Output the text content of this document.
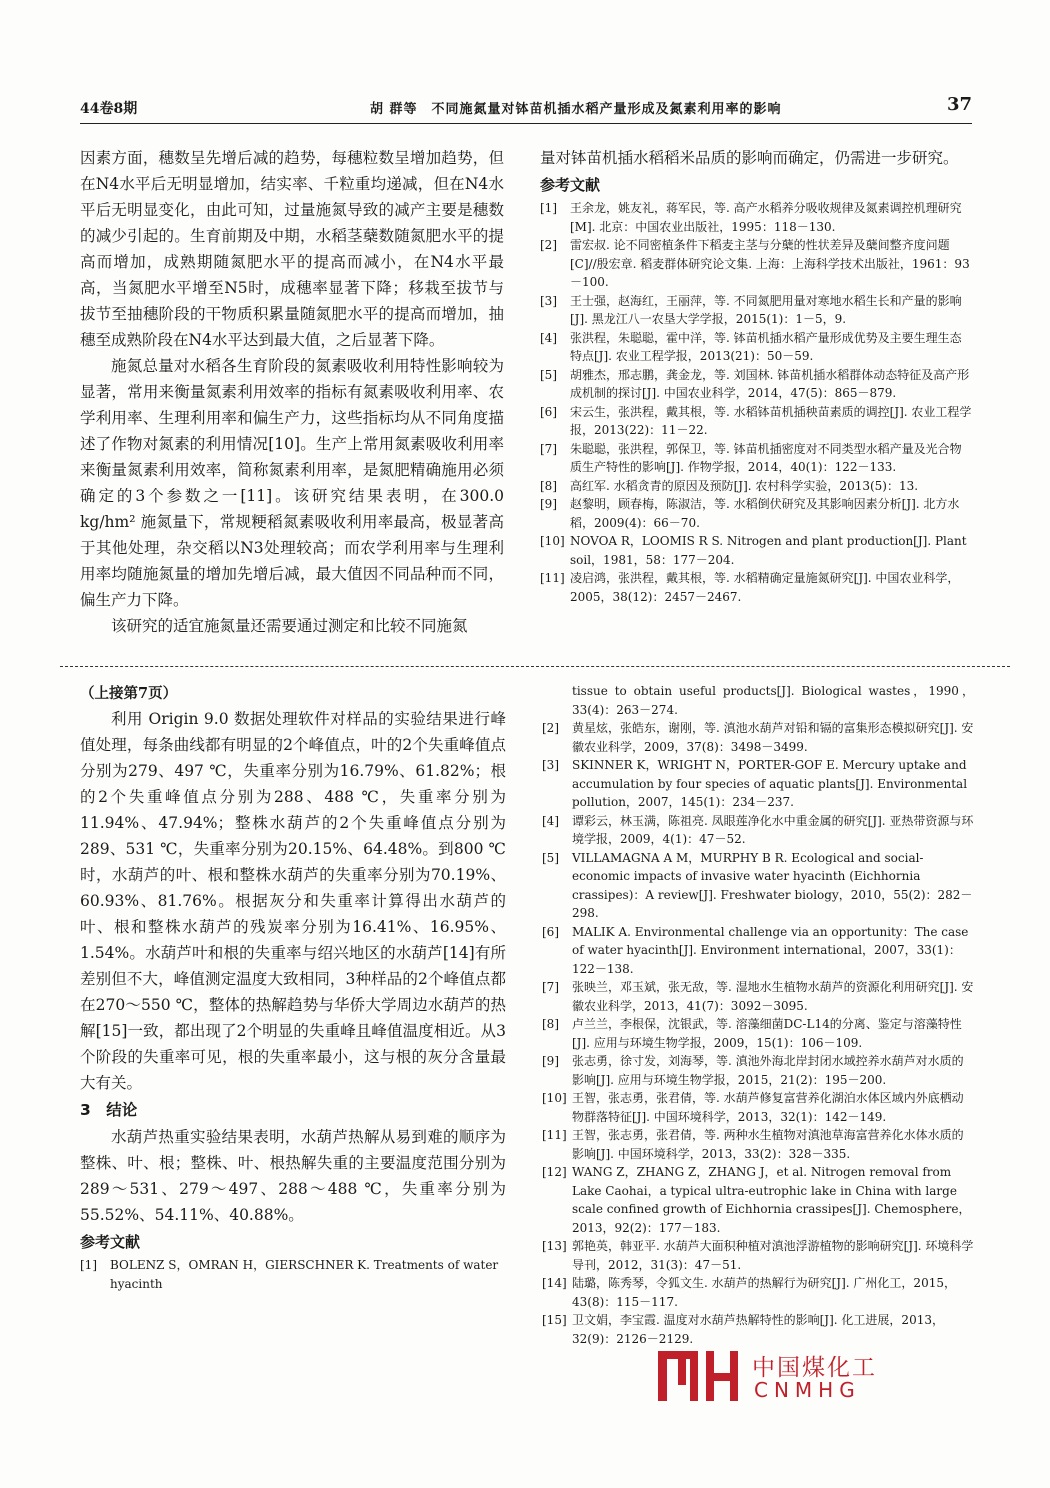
44卷8期	胡 群等　不同施氮量对钵苗机插水稻产量形成及氮素利用率的影响	37

因素方面，穗数呈先增后减的趋势，每穗粒数呈增加趋势，但在N4水平后无明显增加，结实率、千粒重均递减，但在N4水平后无明显变化，由此可知，过量施氮导致的减产主要是穗数的减少引起的。生育前期及中期，水稻茎蘖数随氮肥水平的提高而增加，成熟期随氮肥水平的提高而减小，在N4水平最高，当氮肥水平增至N5时，成穗率显著下降；移栽至拔节与拔节至抽穗阶段的干物质积累量随氮肥水平的提高而增加，抽穗至成熟阶段在N4水平达到最大值，之后显著下降。

施氮总量对水稻各生育阶段的氮素吸收利用特性影响较为显著，常用来衡量氮素利用效率的指标有氮素吸收利用率、农学利用率、生理利用率和偏生产力，这些指标均从不同角度描述了作物对氮素的利用情况[10]。生产上常用氮素吸收利用率来衡量氮素利用效率，简称氮素利用率，是氮肥精确施用必须确定的3个参数之一[11]。该研究结果表明，在300.0 kg/hm² 施氮量下，常规粳稻氮素吸收利用率最高，极显著高于其他处理，杂交稻以N3处理较高；而农学利用率与生理利用率均随施氮量的增加先增后减，最大值因不同品种而不同，偏生产力下降。

该研究的适宜施氮量还需要通过测定和比较不同施氮

量对钵苗机插水稻稻米品质的影响而确定，仍需进一步研究。

参考文献
[1] 王余龙，姚友礼，蒋军民，等. 高产水稻养分吸收规律及氮素调控机理研究[M]. 北京：中国农业出版社，1995：118－130.
[2] 雷宏叔. 论不同密植条件下稻麦主茎与分蘖的性状差异及蘖间整齐度问题[C]//殷宏章. 稻麦群体研究论文集. 上海：上海科学技术出版社，1961：93－100.
[3] 王士强，赵海红，王丽萍，等. 不同氮肥用量对寒地水稻生长和产量的影响[J]. 黑龙江八一农垦大学学报，2015(1)：1－5，9.
[4] 张洪程，朱聪聪，霍中洋，等. 钵苗机插水稻产量形成优势及主要生理生态特点[J]. 农业工程学报，2013(21)：50－59.
[5] 胡雅杰，邢志鹏，龚金龙，等. 刘国林. 钵苗机插水稻群体动态特征及高产形成机制的探讨[J]. 中国农业科学，2014，47(5)：865－879.
[6] 宋云生，张洪程，戴其根，等. 水稻钵苗机插秧苗素质的调控[J]. 农业工程学报，2013(22)：11－22.
[7] 朱聪聪，张洪程，郭保卫，等. 钵苗机插密度对不同类型水稻产量及光合物质生产特性的影响[J]. 作物学报，2014，40(1)：122－133.
[8] 高红军. 水稻贪青的原因及预防[J]. 农村科学实验，2013(5)：13.
[9] 赵黎明，顾春梅，陈淑洁，等. 水稻倒伏研究及其影响因素分析[J]. 北方水稻，2009(4)：66－70.
[10] NOVOA R，LOOMIS R S. Nitrogen and plant production[J]. Plant soil，1981，58：177－204.
[11] 凌启鸿，张洪程，戴其根，等. 水稻精确定量施氮研究[J]. 中国农业科学，2005，38(12)：2457－2467.
（上接第7页）

利用 Origin 9.0 数据处理软件对样品的实验结果进行峰值处理，每条曲线都有明显的2个峰值点，叶的2个失重峰值点分别为279、497 ℃，失重率分别为16.79%、61.82%；根的2个失重峰值点分别为288、488 ℃，失重率分别为11.94%、47.94%；整株水葫芦的2个失重峰值点分别为289、531 ℃，失重率分别为20.15%、64.48%。到800 ℃时，水葫芦的叶、根和整株水葫芦的失重率分别为70.19%、60.93%、81.76%。根据灰分和失重率计算得出水葫芦的叶、根和整株水葫芦的残炭率分别为16.41%、16.95%、1.54%。水葫芦叶和根的失重率与绍兴地区的水葫芦[14]有所差别但不大，峰值测定温度大致相同，3种样品的2个峰值点都在270～550 ℃，整体的热解趋势与华侨大学周边水葫芦的热解[15]一致，都出现了2个明显的失重峰且峰值温度相近。从3个阶段的失重率可见，根的失重率最小，这与根的灰分含量最大有关。

3　结论

水葫芦热重实验结果表明，水葫芦热解从易到难的顺序为整株、叶、根；整株、叶、根热解失重的主要温度范围分别为289～531、279～497、288～488 ℃，失重率分别为55.52%、54.11%、40.88%。

参考文献
[1] BOLENZ S，OMRAN H，GIERSCHNER K. Treatments of water hyacinth
tissue to obtain useful products[J]. Biological wastes，1990，33(4)：263－274.
[2] 黄星炫，张皓东，谢刚，等. 滇池水葫芦对铅和镉的富集形态模拟研究[J]. 安徽农业科学，2009，37(8)：3498－3499.
[3] SKINNER K，WRIGHT N，PORTER-GOF E. Mercury uptake and accumulation by four species of aquatic plants[J]. Environmental pollution，2007，145(1)：234－237.
[4] 谭彩云，林玉满，陈祖亮. 凤眼莲净化水中重金属的研究[J]. 亚热带资源与环境学报，2009，4(1)：47－52.
[5] VILLAMAGNA A M，MURPHY B R. Ecological and social-economic impacts of invasive water hyacinth (Eichhornia crassipes)：A review[J]. Freshwater biology，2010，55(2)：282－298.
[6] MALIK A. Environmental challenge via an opportunity：The case of water hyacinth[J]. Environment international，2007，33(1)：122－138.
[7] 张映兰，邓玉斌，张无敌，等. 湿地水生植物水葫芦的资源化利用研究[J]. 安徽农业科学，2013，41(7)：3092－3095.
[8] 卢兰兰，李根保，沈银武，等. 溶藻细菌DC-L14的分离、鉴定与溶藻特性[J]. 应用与环境生物学报，2009，15(1)：106－109.
[9] 张志勇，徐寸发，刘海琴，等. 滇池外海北岸封闭水域控养水葫芦对水质的影响[J]. 应用与环境生物学报，2015，21(2)：195－200.
[10] 王智，张志勇，张君倩，等. 水葫芦修复富营养化湖泊水体区域内外底栖动物群落特征[J]. 中国环境科学，2013，32(1)：142－149.
[11] 王智，张志勇，张君倩，等. 两种水生植物对滇池草海富营养化水体水质的影响[J]. 中国环境科学，2013，33(2)：328－335.
[12] WANG Z，ZHANG Z，ZHANG J，et al. Nitrogen removal from Lake Caohai，a typical ultra-eutrophic lake in China with large scale confined growth of Eichhornia crassipes[J]. Chemosphere，2013，92(2)：177－183.
[13] 郭艳英，韩亚平. 水葫芦大面积种植对滇池浮游植物的影响研究[J]. 环境科学导刊，2012，31(3)：47－51.
[14] 陆璐，陈秀琴，令狐文生. 水葫芦的热解行为研究[J]. 广州化工，2015，43(8)：115－117.
[15] 卫文娟，李宝霞. 温度对水葫芦热解特性的影响[J]. 化工进展，2013，32(9)：2126－2129.
中国煤化工
CNMHG
